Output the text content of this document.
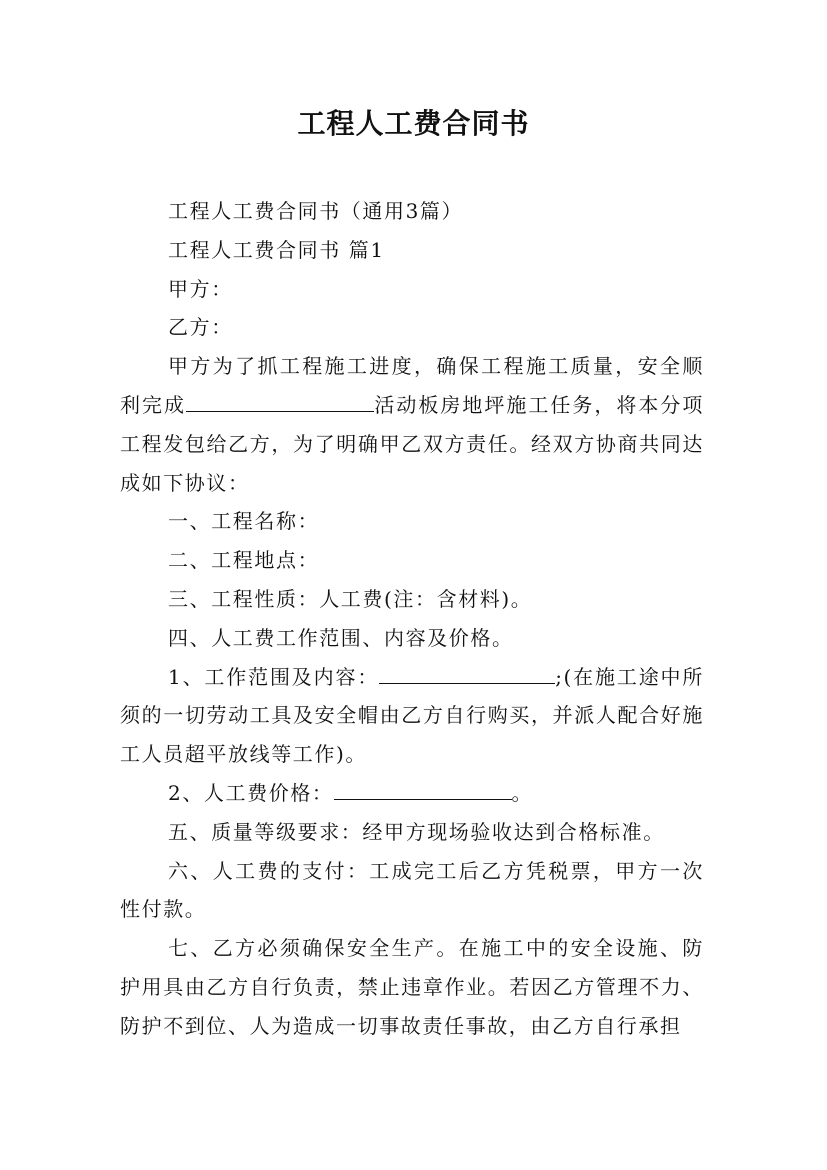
工程人工费合同书

工程人工费合同书（通用3篇）

工程人工费合同书 篇1

甲方：

乙方：

甲方为了抓工程施工进度，确保工程施工质量，安全顺利完成	活动板房地坪施工任务，将本分项工程发包给乙方，为了明确甲乙双方责任。经双方协商共同达成如下协议：

一、工程名称：

二、工程地点：

三、工程性质：人工费(注：含材料)。

四、人工费工作范围、内容及价格。

1、工作范围及内容：	;(在施工途中所须的一切劳动工具及安全帽由乙方自行购买，并派人配合好施工人员超平放线等工作)。

2、人工费价格：	。

五、质量等级要求：经甲方现场验收达到合格标准。

六、人工费的支付：工成完工后乙方凭税票，甲方一次性付款。

七、乙方必须确保安全生产。在施工中的安全设施、防护用具由乙方自行负责，禁止违章作业。若因乙方管理不力、防护不到位、人为造成一切事故责任事故，由乙方自行承担
